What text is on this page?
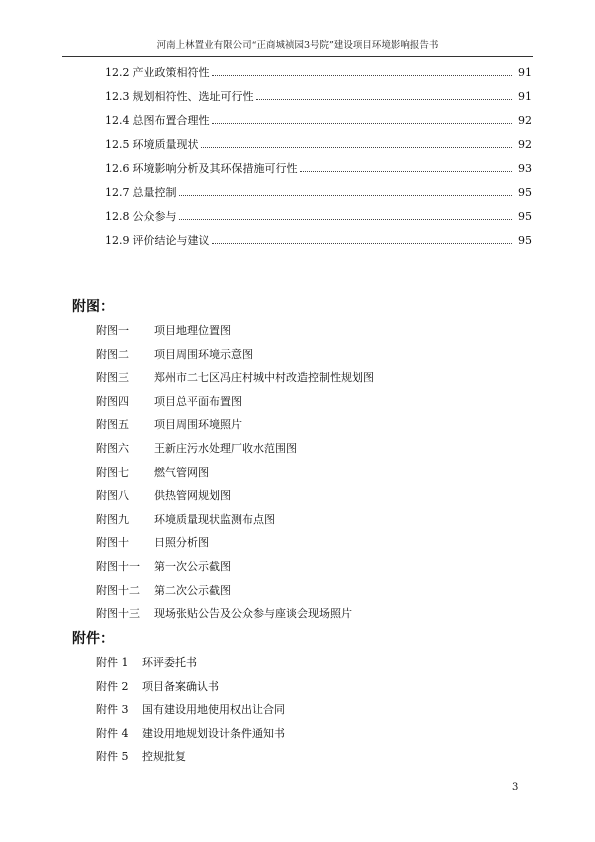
河南上林置业有限公司“正商城祯园3号院”建设项目环境影响报告书
12.2 产业政策相符性	91
12.3 规划相符性、选址可行性	91
12.4 总图布置合理性	92
12.5 环境质量现状	92
12.6 环境影响分析及其环保措施可行性	93
12.7 总量控制	95
12.8 公众参与	95
12.9 评价结论与建议	95
附图：
附图一	项目地理位置图
附图二	项目周围环境示意图
附图三	郑州市二七区冯庄村城中村改造控制性规划图
附图四	项目总平面布置图
附图五	项目周围环境照片
附图六	王新庄污水处理厂收水范围图
附图七	燃气管网图
附图八	供热管网规划图
附图九	环境质量现状监测布点图
附图十	日照分析图
附图十一	第一次公示截图
附图十二	第二次公示截图
附图十三	现场张贴公告及公众参与座谈会现场照片
附件：
附件 1	环评委托书
附件 2	项目备案确认书
附件 3	国有建设用地使用权出让合同
附件 4	建设用地规划设计条件通知书
附件 5	控规批复
3
